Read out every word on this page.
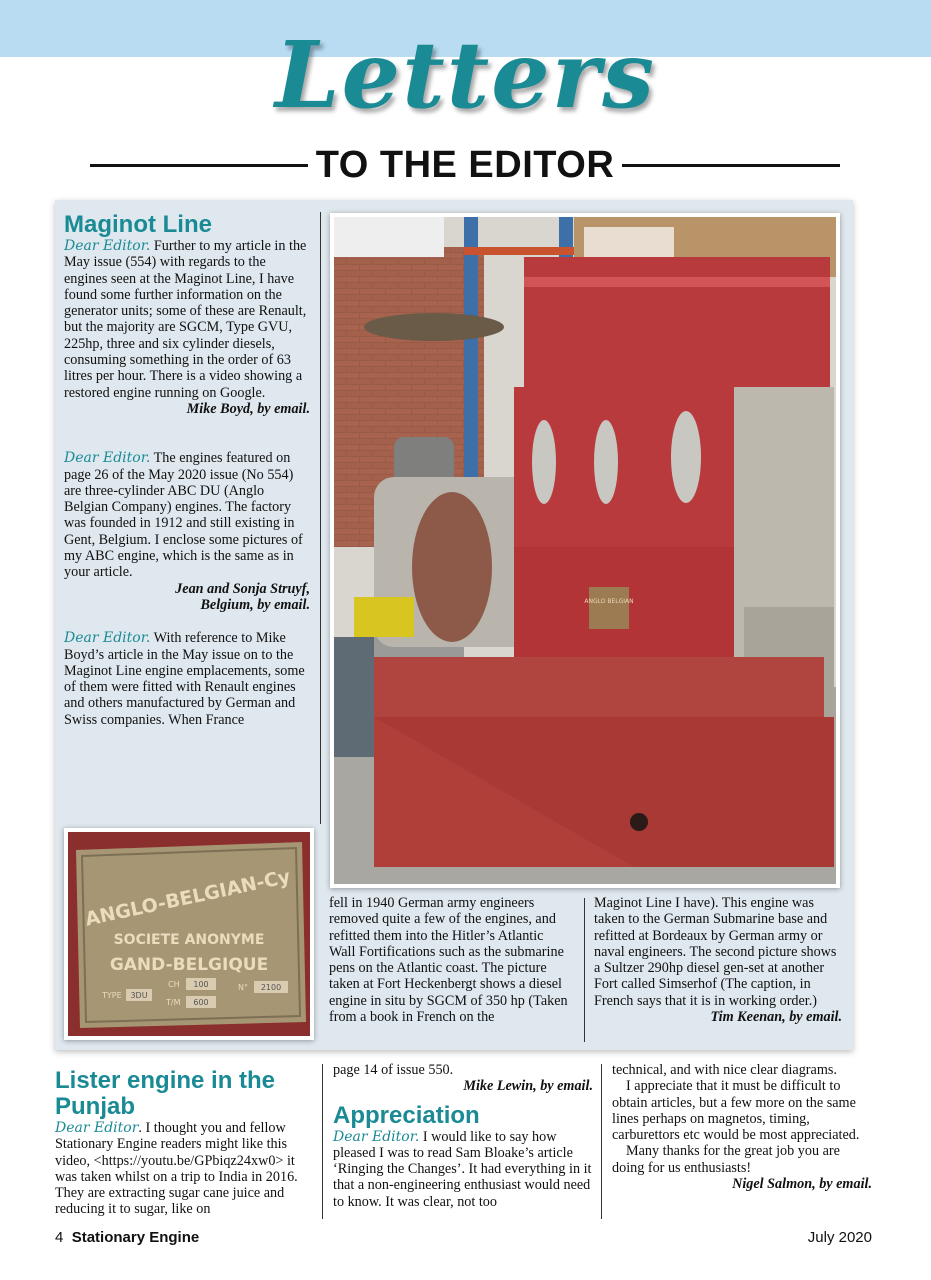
Letters
TO THE EDITOR
Maginot Line

Dear Editor. Further to my article in the May issue (554) with regards to the engines seen at the Maginot Line, I have found some further information on the generator units; some of these are Renault, but the majority are SGCM, Type GVU, 225hp, three and six cylinder diesels, consuming something in the order of 63 litres per hour. There is a video showing a restored engine running on Google.

Mike Boyd, by email.

Dear Editor. The engines featured on page 26 of the May 2020 issue (No 554) are three-cylinder ABC DU (Anglo Belgian Company) engines. The factory was founded in 1912 and still existing in Gent, Belgium. I enclose some pictures of my ABC engine, which is the same as in your article.

Jean and Sonja Struyf,

Belgium, by email.

Dear Editor. With reference to Mike Boyd’s article in the May issue on to the Maginot Line engine emplacements, some of them were fitted with Renault engines and others manufactured by German and Swiss companies. When France

ANGLO BELGIAN
ANGLO-BELGIAN-Cy
SOCIETE ANONYME
GAND-BELGIQUE
TYPE 3DU
CH 100
T/M 600
N° 2100

fell in 1940 German army engineers removed quite a few of the engines, and refitted them into the Hitler’s Atlantic Wall Fortifications such as the submarine pens on the Atlantic coast. The picture taken at Fort Heckenbergt shows a diesel engine in situ by SGCM of 350 hp (Taken from a book in French on the

Maginot Line I have). This engine was taken to the German Submarine base and refitted at Bordeaux by German army or naval engineers. The second picture shows a Sultzer 290hp diesel gen-set at another Fort called Simserhof (The caption, in French says that it is in working order.)

Tim Keenan, by email.

Lister engine in the
Punjab

Dear Editor. I thought you and fellow Stationary Engine readers might like this video, <https://youtu.be/GPbiqz24xw0> it was taken whilst on a trip to India in 2016. They are extracting sugar cane juice and reducing it to sugar, like on

page 14 of issue 550.

Mike Lewin, by email.

Appreciation

Dear Editor. I would like to say how pleased I was to read Sam Bloake’s article ‘Ringing the Changes’. It had everything in it that a non-engineering enthusiast would need to know. It was clear, not too

technical, and with nice clear diagrams.

I appreciate that it must be difficult to obtain articles, but a few more on the same lines perhaps on magnetos, timing, carburettors etc would be most appreciated.

Many thanks for the great job you are doing for us enthusiasts!

Nigel Salmon, by email.

4 Stationary Engine	July 2020
